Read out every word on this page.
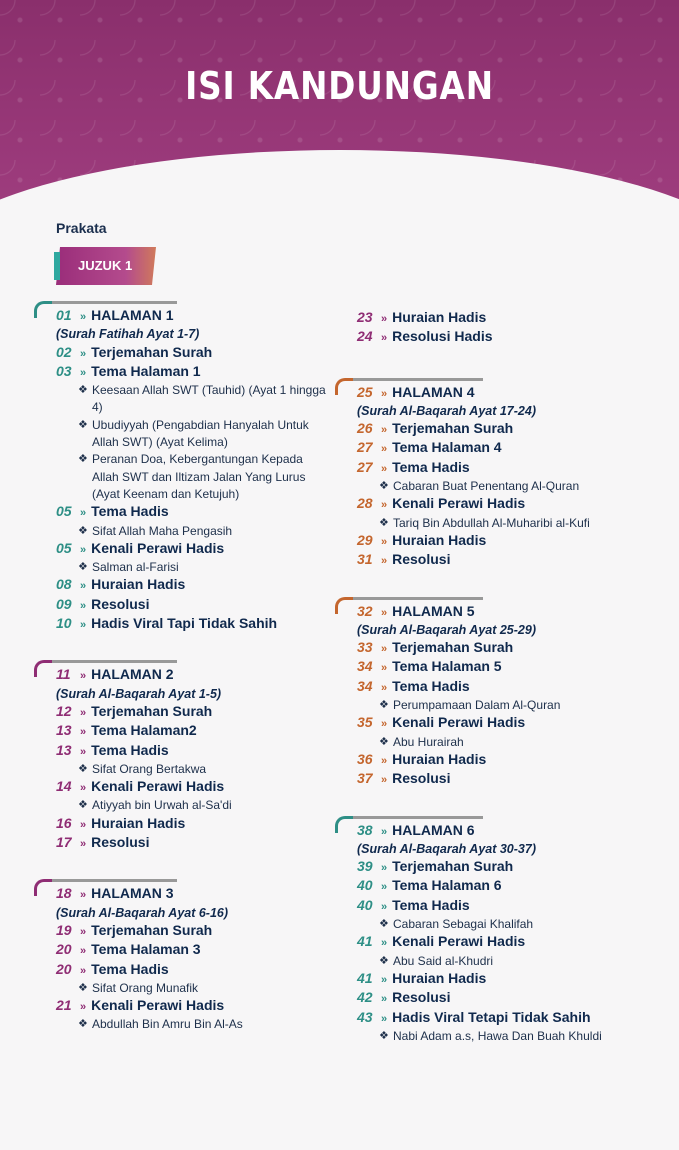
ISI KANDUNGAN
Prakata
JUZUK 1
01 » HALAMAN 1
(Surah Fatihah Ayat 1-7)
02 » Terjemahan Surah
03 » Tema Halaman 1
❖ Keesaan Allah SWT (Tauhid) (Ayat 1 hingga 4)
❖ Ubudiyyah (Pengabdian Hanyalah Untuk Allah SWT) (Ayat Kelima)
❖ Peranan Doa, Kebergantungan Kepada Allah SWT dan Iltizam Jalan Yang Lurus (Ayat Keenam dan Ketujuh)
05 » Tema Hadis
❖ Sifat Allah Maha Pengasih
05 » Kenali Perawi Hadis
❖ Salman al-Farisi
08 » Huraian Hadis
09 » Resolusi
10 » Hadis Viral Tapi Tidak Sahih
11 » HALAMAN 2
(Surah Al-Baqarah Ayat 1-5)
12 » Terjemahan Surah
13 » Tema Halaman2
13 » Tema Hadis
❖ Sifat Orang Bertakwa
14 » Kenali Perawi Hadis
❖ Atiyyah bin Urwah al-Sa'di
16 » Huraian Hadis
17 » Resolusi
18 » HALAMAN 3
(Surah Al-Baqarah Ayat 6-16)
19 » Terjemahan Surah
20 » Tema Halaman 3
20 » Tema Hadis
❖ Sifat Orang Munafik
21 » Kenali Perawi Hadis
❖ Abdullah Bin Amru Bin Al-As
23 » Huraian Hadis
24 » Resolusi Hadis
25 » HALAMAN 4
(Surah Al-Baqarah Ayat 17-24)
26 » Terjemahan Surah
27 » Tema Halaman 4
27 » Tema Hadis
❖ Cabaran Buat Penentang Al-Quran
28 » Kenali Perawi Hadis
❖ Tariq Bin Abdullah Al-Muharibi al-Kufi
29 » Huraian Hadis
31 » Resolusi
32 » HALAMAN 5
(Surah Al-Baqarah Ayat 25-29)
33 » Terjemahan Surah
34 » Tema Halaman 5
34 » Tema Hadis
❖ Perumpamaan Dalam Al-Quran
35 » Kenali Perawi Hadis
❖ Abu Hurairah
36 » Huraian Hadis
37 » Resolusi
38 » HALAMAN 6
(Surah Al-Baqarah Ayat 30-37)
39 » Terjemahan Surah
40 » Tema Halaman 6
40 » Tema Hadis
❖ Cabaran Sebagai Khalifah
41 » Kenali Perawi Hadis
❖ Abu Said al-Khudri
41 » Huraian Hadis
42 » Resolusi
43 » Hadis Viral Tetapi Tidak Sahih
❖ Nabi Adam a.s, Hawa Dan Buah Khuldi
